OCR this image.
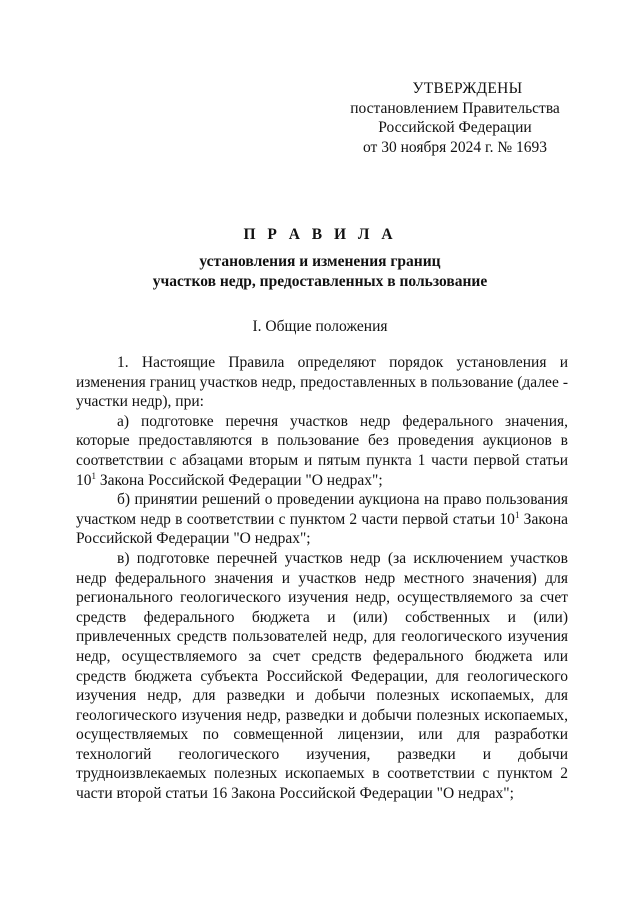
УТВЕРЖДЕНЫ
постановлением Правительства
Российской Федерации
от 30 ноября 2024 г. № 1693
П Р А В И Л А
установления и изменения границ
участков недр, предоставленных в пользование
I. Общие положения

1. Настоящие Правила определяют порядок установления и изменения границ участков недр, предоставленных в пользование (далее - участки недр), при:

а) подготовке перечня участков недр федерального значения, которые предоставляются в пользование без проведения аукционов в соответствии с абзацами вторым и пятым пункта 1 части первой статьи $10^1$ Закона Российской Федерации "О недрах";

б) принятии решений о проведении аукциона на право пользования участком недр в соответствии с пунктом 2 части первой статьи $10^1$ Закона Российской Федерации "О недрах";

в) подготовке перечней участков недр (за исключением участков недр федерального значения и участков недр местного значения) для регионального геологического изучения недр, осуществляемого за счет средств федерального бюджета и (или) собственных и (или) привлеченных средств пользователей недр, для геологического изучения недр, осуществляемого за счет средств федерального бюджета или средств бюджета субъекта Российской Федерации, для геологического изучения недр, для разведки и добычи полезных ископаемых, для геологического изучения недр, разведки и добычи полезных ископаемых, осуществляемых по совмещенной лицензии, или для разработки технологий геологического изучения, разведки и добычи трудноизвлекаемых полезных ископаемых в соответствии с пунктом 2 части второй статьи 16 Закона Российской Федерации "О недрах";
